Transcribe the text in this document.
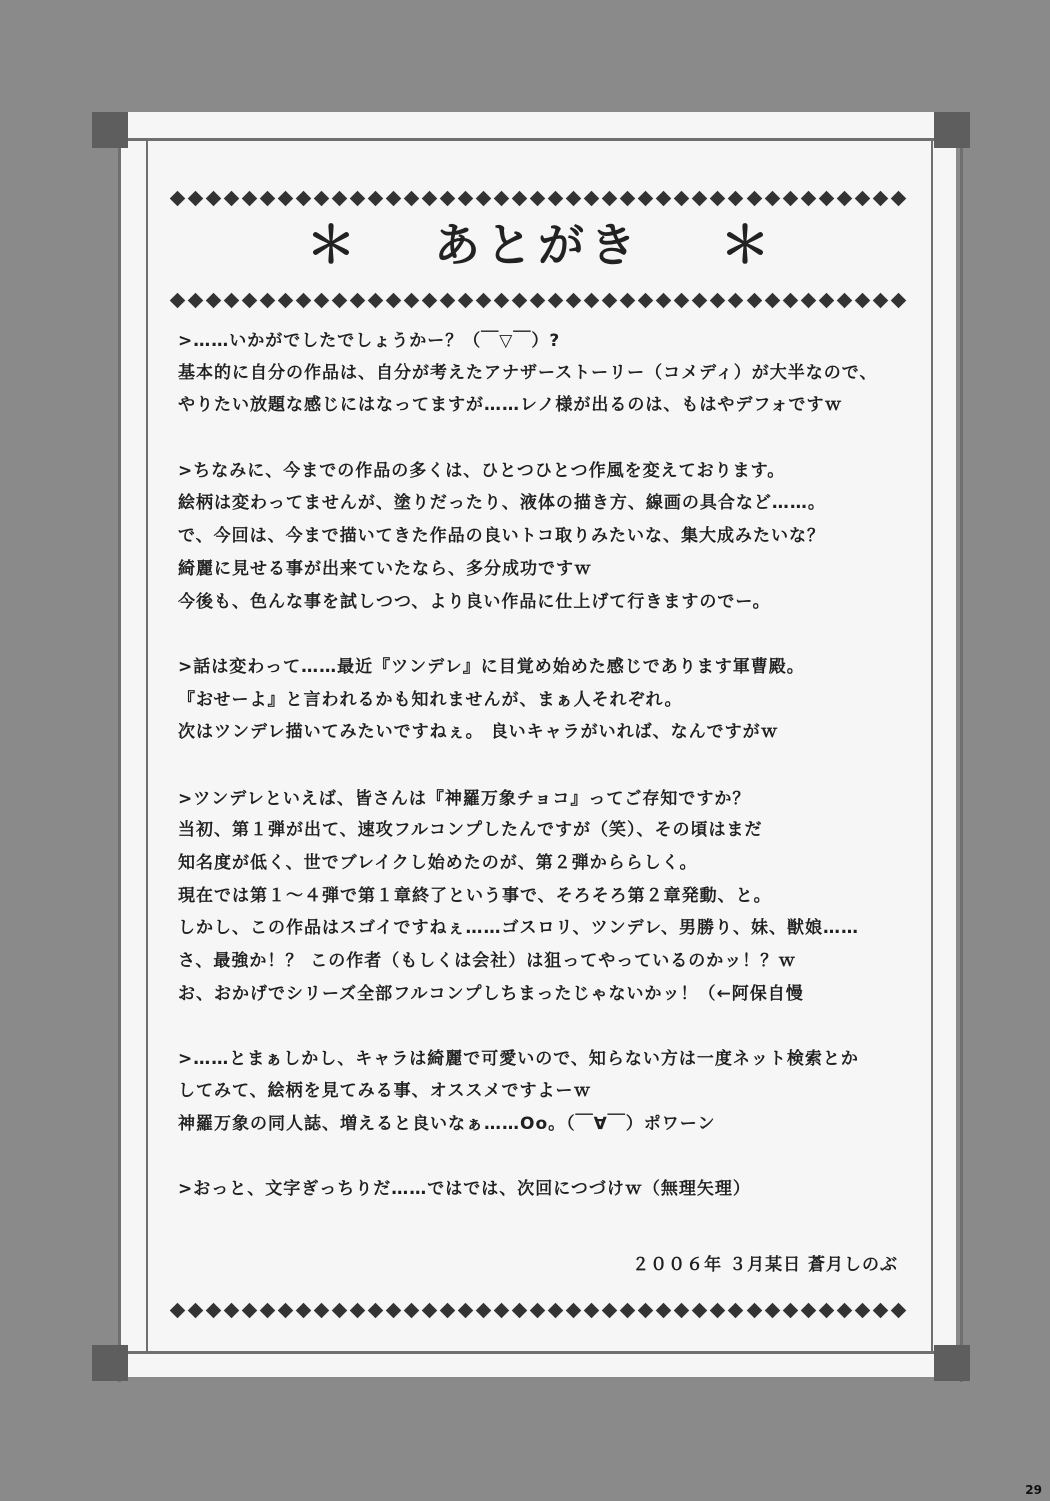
＊ あとがき ＊
>……いかがでしたでしょうかー？（￣▽￣）?
基本的に自分の作品は、自分が考えたアナザーストーリー（コメディ）が大半なので、
やりたい放題な感じにはなってますが……レノ様が出るのは、もはやデフォですｗ
>ちなみに、今までの作品の多くは、ひとつひとつ作風を変えております。
絵柄は変わってませんが、塗りだったり、液体の描き方、線画の具合など……。
で、今回は、今まで描いてきた作品の良いトコ取りみたいな、集大成みたいな？
綺麗に見せる事が出来ていたなら、多分成功ですｗ
今後も、色んな事を試しつつ、より良い作品に仕上げて行きますのでー。
>話は変わって……最近『ツンデレ』に目覚め始めた感じであります軍曹殿。
『おせーよ』と言われるかも知れませんが、まぁ人それぞれ。
次はツンデレ描いてみたいですねぇ。 良いキャラがいれば、なんですがｗ
>ツンデレといえば、皆さんは『神羅万象チョコ』ってご存知ですか？
当初、第１弾が出て、速攻フルコンプしたんですが（笑）、その頃はまだ
知名度が低く、世でブレイクし始めたのが、第２弾かららしく。
現在では第１～４弾で第１章終了という事で、そろそろ第２章発動、と。
しかし、この作品はスゴイですねぇ……ゴスロリ、ツンデレ、男勝り、妹、獣娘……
さ、最強か！？ この作者（もしくは会社）は狙ってやっているのかッ！？ｗ
お、おかげでシリーズ全部フルコンプしちまったじゃないかッ！（←阿保自慢
>……とまぁしかし、キャラは綺麗で可愛いので、知らない方は一度ネット検索とか
してみて、絵柄を見てみる事、オススメですよーｗ
神羅万象の同人誌、増えると良いなぁ……Oo。（￣∀￣）ポワーン
>おっと、文字ぎっちりだ……ではでは、次回につづけｗ（無理矢理）
２００６年 ３月某日 蒼月しのぶ
29
